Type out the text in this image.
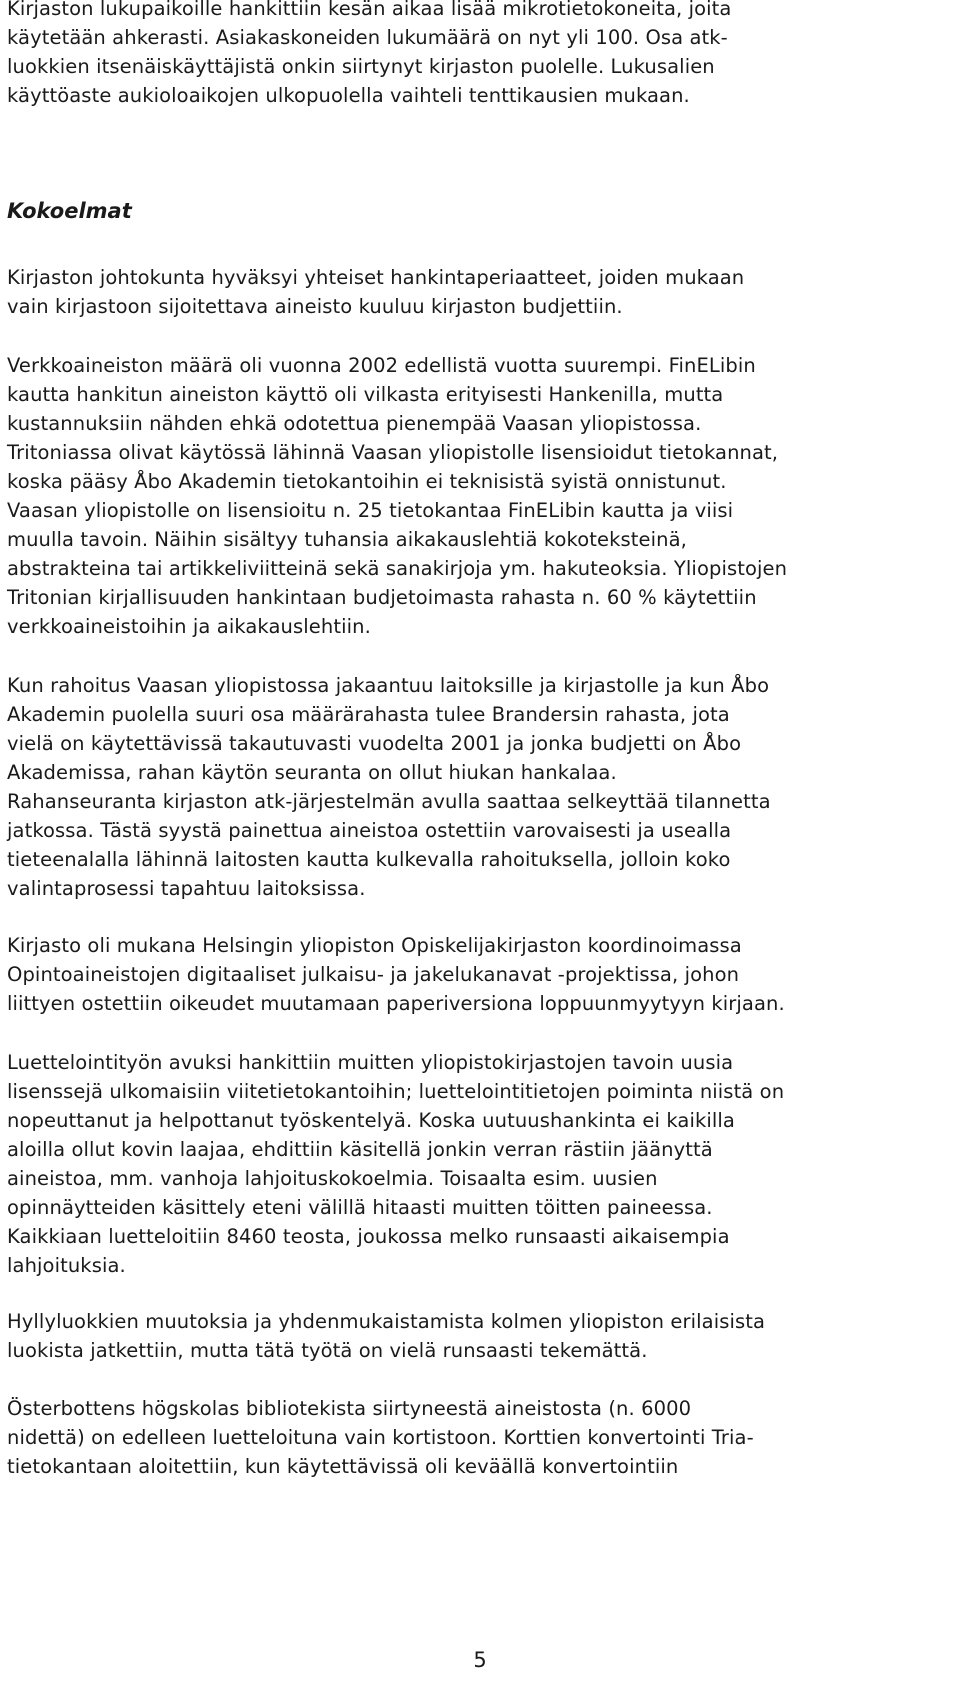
Kirjaston lukupaikoille hankittiin kesän aikaa lisää mikrotietokoneita, joita
käytetään ahkerasti. Asiakaskoneiden lukumäärä on nyt yli 100. Osa atk-
luokkien itsenäiskäyttäjistä onkin siirtynyt kirjaston puolelle. Lukusalien
käyttöaste aukioloaikojen ulkopuolella vaihteli tenttikausien mukaan.
Kokoelmat
Kirjaston johtokunta hyväksyi yhteiset hankintaperiaatteet, joiden mukaan
vain kirjastoon sijoitettava aineisto kuuluu kirjaston budjettiin.
Verkkoaineiston määrä oli vuonna 2002 edellistä vuotta suurempi. FinELibin
kautta hankitun aineiston käyttö oli vilkasta erityisesti Hankenilla, mutta
kustannuksiin nähden ehkä odotettua pienempää Vaasan yliopistossa.
Tritoniassa olivat käytössä lähinnä Vaasan yliopistolle lisensioidut tietokannat,
koska pääsy Åbo Akademin tietokantoihin ei teknisistä syistä onnistunut.
Vaasan yliopistolle on lisensioitu n. 25 tietokantaa FinELibin kautta ja viisi
muulla tavoin. Näihin sisältyy tuhansia aikakauslehtiä kokoteksteinä,
abstrakteina tai artikkeliviitteinä sekä sanakirjoja ym. hakuteoksia. Yliopistojen
Tritonian kirjallisuuden hankintaan budjetoimasta rahasta n. 60 % käytettiin
verkkoaineistoihin ja aikakauslehtiin.
Kun rahoitus Vaasan yliopistossa jakaantuu laitoksille ja kirjastolle ja kun Åbo
Akademin puolella suuri osa määrärahasta tulee Brandersin rahasta, jota
vielä on käytettävissä takautuvasti vuodelta 2001 ja jonka budjetti on Åbo
Akademissa, rahan käytön seuranta on ollut hiukan hankalaa.
Rahanseuranta kirjaston atk-järjestelmän avulla saattaa selkeyttää tilannetta
jatkossa. Tästä syystä painettua aineistoa ostettiin varovaisesti ja usealla
tieteenalalla lähinnä laitosten kautta kulkevalla rahoituksella, jolloin koko
valintaprosessi tapahtuu laitoksissa.
Kirjasto oli mukana Helsingin yliopiston Opiskelijakirjaston koordinoimassa
Opintoaineistojen digitaaliset julkaisu- ja jakelukanavat -projektissa, johon
liittyen ostettiin oikeudet muutamaan paperiversiona loppuunmyytyyn kirjaan.
Luettelointityön avuksi hankittiin muitten yliopistokirjastojen tavoin uusia
lisenssejä ulkomaisiin viitetietokantoihin; luettelointitietojen poiminta niistä on
nopeuttanut ja helpottanut työskentelyä. Koska uutuushankinta ei kaikilla
aloilla ollut kovin laajaa, ehdittiin käsitellä jonkin verran rästiin jäänyttä
aineistoa, mm. vanhoja lahjoituskokoelmia. Toisaalta esim. uusien
opinnäytteiden käsittely eteni välillä hitaasti muitten töitten paineessa.
Kaikkiaan luetteloitiin 8460 teosta, joukossa melko runsaasti aikaisempia
lahjoituksia.
Hyllyluokkien muutoksia ja yhdenmukaistamista kolmen yliopiston erilaisista
luokista jatkettiin, mutta tätä työtä on vielä runsaasti tekemättä.
Österbottens högskolas bibliotekista siirtyneestä aineistosta (n. 6000
nidettä) on edelleen luetteloituna vain kortistoon. Korttien konvertointi Tria-
tietokantaan aloitettiin, kun käytettävissä oli keväällä konvertointiin
5
